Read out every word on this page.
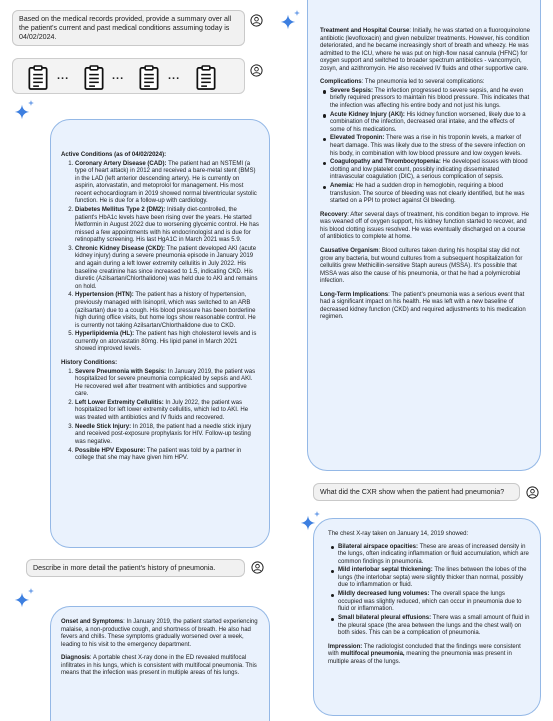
Based on the medical records provided, provide a summary over all the patient's current and past medical conditions assuming today is 04/02/2024.
...	...	...
Active Conditions (as of 04/02/2024):
1. Coronary Artery Disease (CAD): The patient had an NSTEMI (a type of heart attack) in 2012 and received a bare-metal stent (BMS) in the LAD (left anterior descending artery). He is currently on aspirin, atorvastatin, and metoprolol for management. His most recent echocardiogram in 2019 showed normal biventricular systolic function. He is due for a follow-up with cardiology.
2. Diabetes Mellitus Type 2 (DM2): Initially diet-controlled, the patient's HbA1c levels have been rising over the years. He started Metformin in August 2022 due to worsening glycemic control. He has missed a few appointments with his endocrinologist and is due for retinopathy screening. His last HgA1C in March 2021 was 5.9.
3. Chronic Kidney Disease (CKD): The patient developed AKI (acute kidney injury) during a severe pneumonia episode in January 2019 and again during a left lower extremity cellulitis in July 2022. His baseline creatinine has since increased to 1.5, indicating CKD. His diuretic (Azilsartan/Chlorthalidone) was held due to AKI and remains on hold.
4. Hypertension (HTN): The patient has a history of hypertension, previously managed with lisinopril, which was switched to an ARB (azilsartan) due to a cough. His blood pressure has been borderline high during office visits, but home logs show reasonable control. He is currently not taking Azilsartan/Chlorthalidone due to CKD.
5. Hyperlipidemia (HL): The patient has high cholesterol levels and is currently on atorvastatin 80mg. His lipid panel in March 2021 showed improved levels.
History Conditions:
1. Severe Pneumonia with Sepsis: In January 2019, the patient was hospitalized for severe pneumonia complicated by sepsis and AKI. He recovered well after treatment with antibiotics and supportive care.
2. Left Lower Extremity Cellulitis: In July 2022, the patient was hospitalized for left lower extremity cellulitis, which led to AKI. He was treated with antibiotics and IV fluids and recovered.
3. Needle Stick Injury: In 2018, the patient had a needle stick injury and received post-exposure prophylaxis for HIV. Follow-up testing was negative.
4. Possible HPV Exposure: The patient was told by a partner in college that she may have given him HPV.
Describe in more detail the patient's history of pneumonia.

Onset and Symptoms: In January 2019, the patient started experiencing malaise, a non-productive cough, and shortness of breath. He also had fevers and chills. These symptoms gradually worsened over a week, leading to his visit to the emergency department.

Diagnosis: A portable chest X-ray done in the ED revealed multifocal infiltrates in his lungs, which is consistent with multifocal pneumonia. This means that the infection was present in multiple areas of his lungs.

Treatment and Hospital Course: Initially, he was started on a fluoroquinolone antibiotic (levofloxacin) and given nebulizer treatments. However, his condition deteriorated, and he became increasingly short of breath and wheezy. He was admitted to the ICU, where he was put on high-flow nasal cannula (HFNC) for oxygen support and switched to broader spectrum antibiotics - vancomycin, zosyn, and azithromycin. He also received IV fluids and other supportive care.

Complications: The pneumonia led to several complications:
Severe Sepsis: The infection progressed to severe sepsis, and he even briefly required pressors to maintain his blood pressure. This indicates that the infection was affecting his entire body and not just his lungs.
Acute Kidney Injury (AKI): His kidney function worsened, likely due to a combination of the infection, decreased oral intake, and the effects of some of his medications.
Elevated Troponin: There was a rise in his troponin levels, a marker of heart damage. This was likely due to the stress of the severe infection on his body, in combination with low blood pressure and low oxygen levels.
Coagulopathy and Thrombocytopenia: He developed issues with blood clotting and low platelet count, possibly indicating disseminated intravascular coagulation (DIC), a serious complication of sepsis.
Anemia: He had a sudden drop in hemoglobin, requiring a blood transfusion. The source of bleeding was not clearly identified, but he was started on a PPI to protect against GI bleeding.

Recovery: After several days of treatment, his condition began to improve. He was weaned off of oxygen support, his kidney function started to recover, and his blood clotting issues resolved. He was eventually discharged on a course of antibiotics to complete at home.

Causative Organism: Blood cultures taken during his hospital stay did not grow any bacteria, but wound cultures from a subsequent hospitalization for cellulitis grew Methicillin-sensitive Staph aureus (MSSA). It's possible that MSSA was also the cause of his pneumonia, or that he had a polymicrobial infection.

Long-Term Implications: The patient's pneumonia was a serious event that had a significant impact on his health. He was left with a new baseline of decreased kidney function (CKD) and required adjustments to his medication regimen.

What did the CXR show when the patient had pneumonia?

The chest X-ray taken on January 14, 2019 showed:

Bilateral airspace opacities: These are areas of increased density in the lungs, often indicating inflammation or fluid accumulation, which are common findings in pneumonia.
Mild interlobar septal thickening: The lines between the lobes of the lungs (the interlobar septa) were slightly thicker than normal, possibly due to inflammation or fluid.
Mildly decreased lung volumes: The overall space the lungs occupied was slightly reduced, which can occur in pneumonia due to fluid or inflammation.
Small bilateral pleural effusions: There was a small amount of fluid in the pleural space (the area between the lungs and the chest wall) on both sides. This can be a complication of pneumonia.

Impression: The radiologist concluded that the findings were consistent with multifocal pneumonia, meaning the pneumonia was present in multiple areas of the lungs.
